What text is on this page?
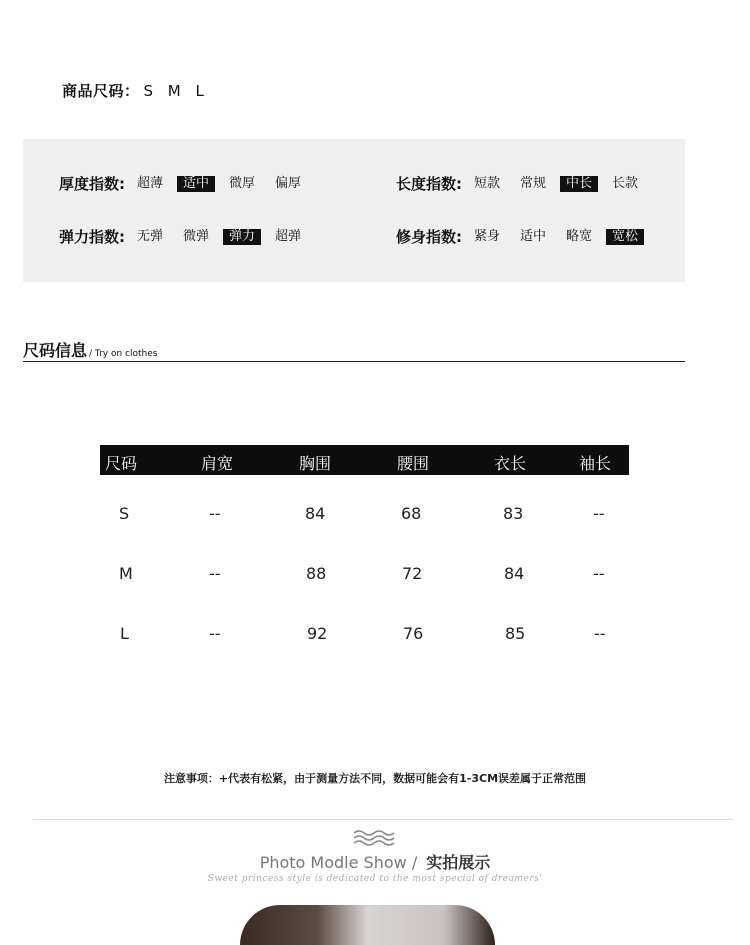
商品尺码： S M L
厚度指数: 超薄	适中	微厚	偏厚	长度指数: 短款	常规	中长	长款
弹力指数: 无弹	微弹	弹力	超弹	修身指数: 紧身	适中	略宽	宽松
尺码信息 / Try on clothes
尺码	肩宽	胸围	腰围	衣长	袖长
S	--	84	68	83	--
M	--	88	72	84	--
L	--	92	76	85	--
注意事项：+代表有松紧，由于测量方法不同，数据可能会有1-3CM误差属于正常范围
Photo Modle Show / 实拍展示
Sweet princess style is dedicated to the most special of dreamers'
